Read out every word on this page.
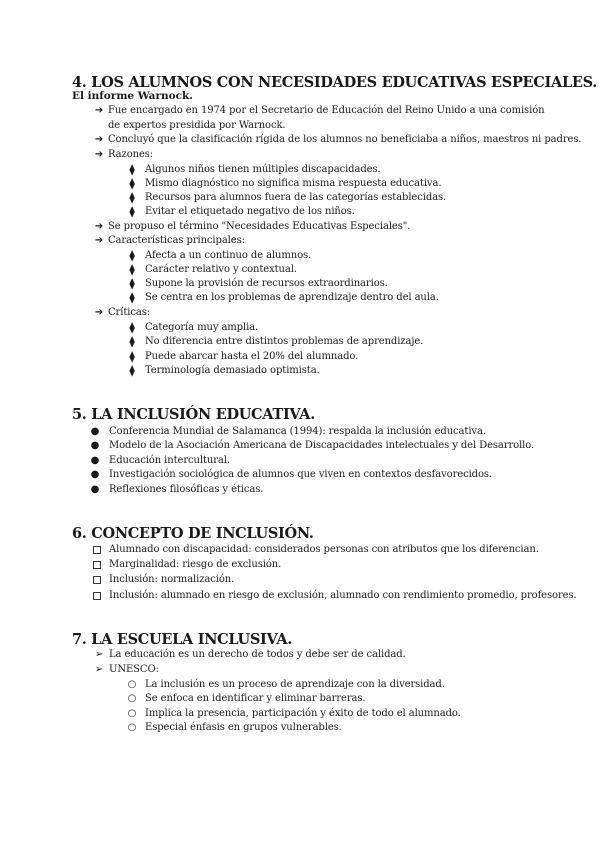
4. LOS ALUMNOS CON NECESIDADES EDUCATIVAS ESPECIALES.

El informe Warnock.

➔ Fue encargado en 1974 por el Secretario de Educación del Reino Unido a una comisión de expertos presidida por Warnock.
➔ Concluyó que la clasificación rígida de los alumnos no beneficiaba a niños, maestros ni padres.
➔ Razones:
⧫	Algunos niños tienen múltiples discapacidades.
⧫	Mismo diagnóstico no significa misma respuesta educativa.
⧫	Recursos para alumnos fuera de las categorías establecidas.
⧫	Evitar el etiquetado negativo de los niños.
➔ Se propuso el término "Necesidades Educativas Especiales".
➔ Características principales:
⧫	Afecta a un continuo de alumnos.
⧫	Carácter relativo y contextual.
⧫	Supone la provisión de recursos extraordinarios.
⧫	Se centra en los problemas de aprendizaje dentro del aula.
➔ Críticas:
⧫	Categoría muy amplia.
⧫	No diferencia entre distintos problemas de aprendizaje.
⧫	Puede abarcar hasta el 20% del alumnado.
⧫	Terminología demasiado optimista.
5. LA INCLUSIÓN EDUCATIVA.
● Conferencia Mundial de Salamanca (1994): respalda la inclusión educativa.
● Modelo de la Asociación Americana de Discapacidades intelectuales y del Desarrollo.
● Educación intercultural.
● Investigación sociológica de alumnos que viven en contextos desfavorecidos.
● Reflexiones filosóficas y éticas.
6. CONCEPTO DE INCLUSIÓN.
Alumnado con discapacidad: considerados personas con atributos que los diferencian.
Marginalidad: riesgo de exclusión.
Inclusión: normalización.
Inclusión: alumnado en riesgo de exclusión, alumnado con rendimiento promedio, profesores.
7. LA ESCUELA INCLUSIVA.
➢ La educación es un derecho de todos y debe ser de calidad.
➢ UNESCO:
○ La inclusión es un proceso de aprendizaje con la diversidad.
○ Se enfoca en identificar y eliminar barreras.
○ Implica la presencia, participación y éxito de todo el alumnado.
○ Especial énfasis en grupos vulnerables.
